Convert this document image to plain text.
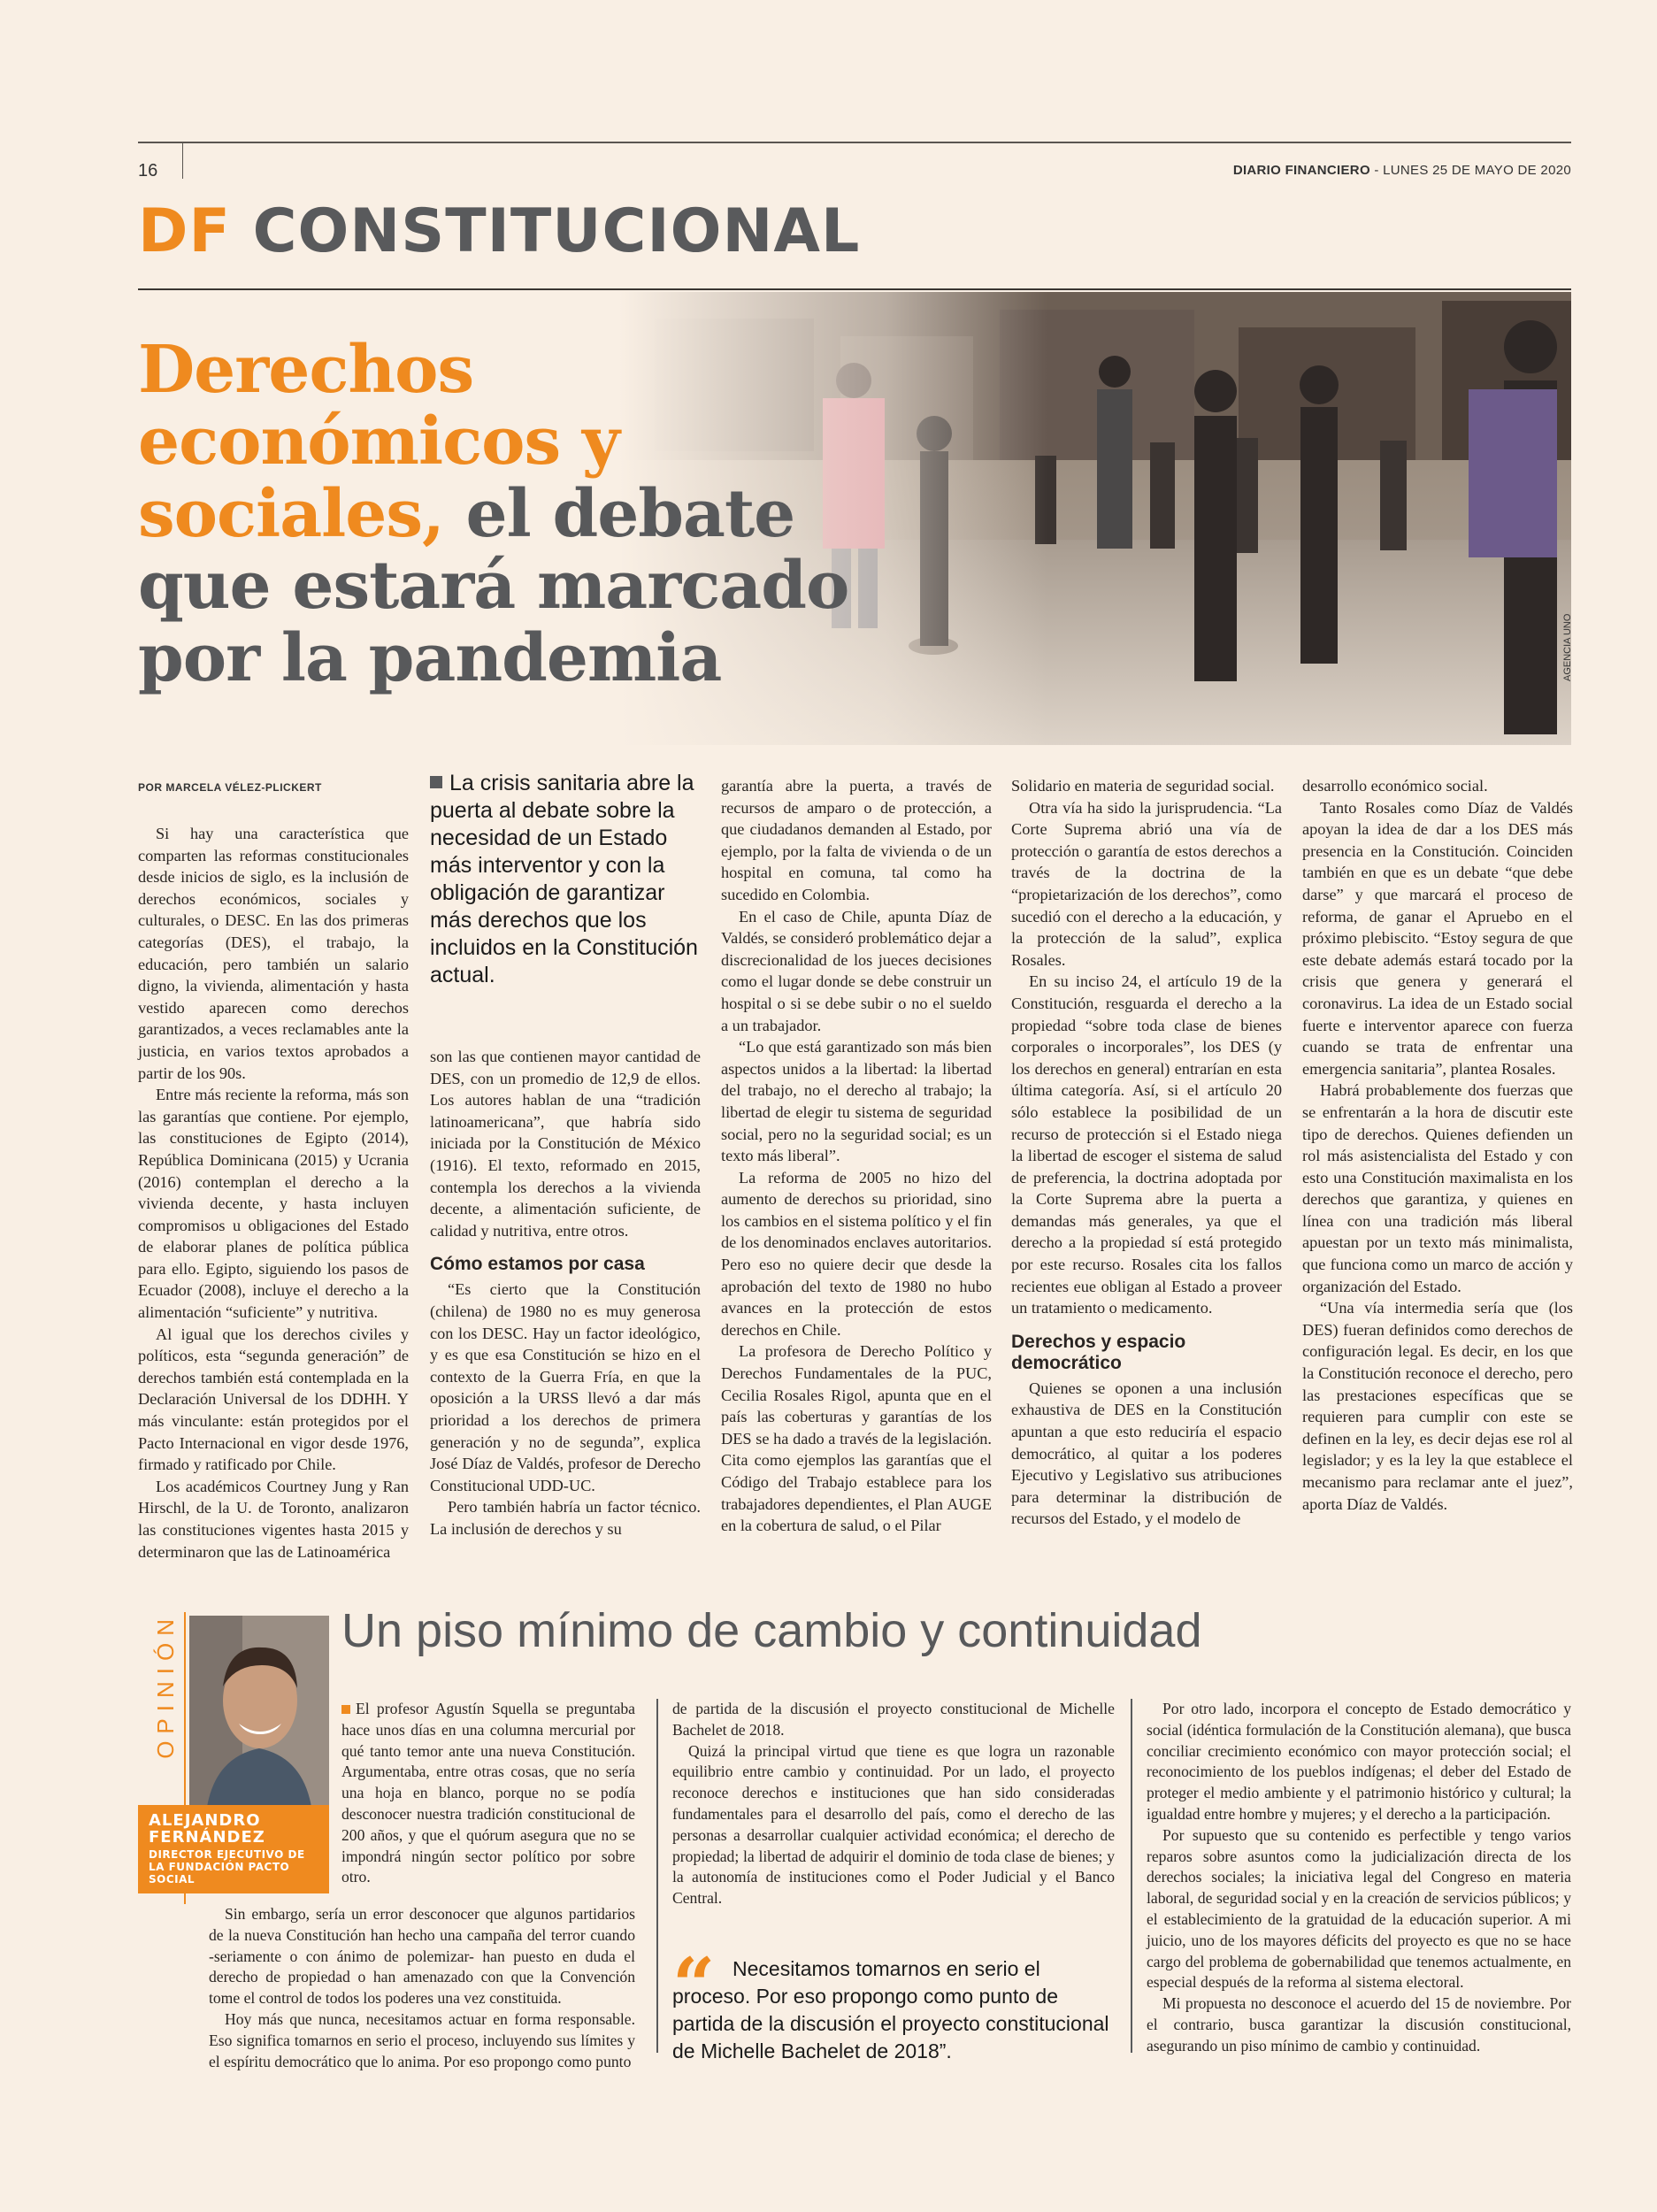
16	DIARIO FINANCIERO - LUNES 25 DE MAYO DE 2020
DF CONSTITUCIONAL
AGENCIA UNO
Derechos económicos y sociales, el debate que estará marcado por la pandemia
POR MARCELA VÉLEZ-PLICKERT

Si hay una característica que comparten las reformas constitucionales desde inicios de siglo, es la inclusión de derechos económicos, sociales y culturales, o DESC. En las dos primeras categorías (DES), el trabajo, la educación, pero también un salario digno, la vivienda, alimentación y hasta vestido aparecen como derechos garantizados, a veces reclamables ante la justicia, en varios textos aprobados a partir de los 90s.

Entre más reciente la reforma, más son las garantías que contiene. Por ejemplo, las constituciones de Egipto (2014), República Dominicana (2015) y Ucrania (2016) contemplan el derecho a la vivienda decente, y hasta incluyen compromisos u obligaciones del Estado de elaborar planes de política pública para ello. Egipto, siguiendo los pasos de Ecuador (2008), incluye el derecho a la alimentación “suficiente” y nutritiva.

Al igual que los derechos civiles y políticos, esta “segunda generación” de derechos también está contemplada en la Declaración Universal de los DDHH. Y más vinculante: están protegidos por el Pacto Internacional en vigor desde 1976, firmado y ratificado por Chile.

Los académicos Courtney Jung y Ran Hirschl, de la U. de Toronto, analizaron las constituciones vigentes hasta 2015 y determinaron que las de Latinoamérica

La crisis sanitaria abre la puerta al debate sobre la necesidad de un Estado más interventor y con la obligación de garantizar más derechos que los incluidos en la Constitución actual.

son las que contienen mayor cantidad de DES, con un promedio de 12,9 de ellos. Los autores hablan de una “tradición latinoamericana”, que habría sido iniciada por la Constitución de México (1916). El texto, reformado en 2015, contempla los derechos a la vivienda decente, a alimentación suficiente, de calidad y nutritiva, entre otros.

Cómo estamos por casa

“Es cierto que la Constitución (chilena) de 1980 no es muy generosa con los DESC. Hay un factor ideológico, y es que esa Constitución se hizo en el contexto de la Guerra Fría, en que la oposición a la URSS llevó a dar más prioridad a los derechos de primera generación y no de segunda”, explica José Díaz de Valdés, profesor de Derecho Constitucional UDD-UC.

Pero también habría un factor técnico. La inclusión de derechos y su

garantía abre la puerta, a través de recursos de amparo o de protección, a que ciudadanos demanden al Estado, por ejemplo, por la falta de vivienda o de un hospital en comuna, tal como ha sucedido en Colombia.

En el caso de Chile, apunta Díaz de Valdés, se consideró problemático dejar a discrecionalidad de los jueces decisiones como el lugar donde se debe construir un hospital o si se debe subir o no el sueldo a un trabajador.

“Lo que está garantizado son más bien aspectos unidos a la libertad: la libertad del trabajo, no el derecho al trabajo; la libertad de elegir tu sistema de seguridad social, pero no la seguridad social; es un texto más liberal”.

La reforma de 2005 no hizo del aumento de derechos su prioridad, sino los cambios en el sistema político y el fin de los denominados enclaves autoritarios. Pero eso no quiere decir que desde la aprobación del texto de 1980 no hubo avances en la protección de estos derechos en Chile.

La profesora de Derecho Político y Derechos Fundamentales de la PUC, Cecilia Rosales Rigol, apunta que en el país las coberturas y garantías de los DES se ha dado a través de la legislación. Cita como ejemplos las garantías que el Código del Trabajo establece para los trabajadores dependientes, el Plan AUGE en la cobertura de salud, o el Pilar

Solidario en materia de seguridad social.

Otra vía ha sido la jurisprudencia. “La Corte Suprema abrió una vía de protección o garantía de estos derechos a través de la doctrina de la “propietarización de los derechos”, como sucedió con el derecho a la educación, y la protección de la salud”, explica Rosales.

En su inciso 24, el artículo 19 de la Constitución, resguarda el derecho a la propiedad “sobre toda clase de bienes corporales o incorporales”, los DES (y los derechos en general) entrarían en esta última categoría. Así, si el artículo 20 sólo establece la posibilidad de un recurso de protección si el Estado niega la libertad de escoger el sistema de salud de preferencia, la doctrina adoptada por la Corte Suprema abre la puerta a demandas más generales, ya que el derecho a la propiedad sí está protegido por este recurso. Rosales cita los fallos recientes eue obligan al Estado a proveer un tratamiento o medicamento.

Derechos y espacio democrático

Quienes se oponen a una inclusión exhaustiva de DES en la Constitución apuntan a que esto reduciría el espacio democrático, al quitar a los poderes Ejecutivo y Legislativo sus atribuciones para determinar la distribución de recursos del Estado, y el modelo de

desarrollo económico social.

Tanto Rosales como Díaz de Valdés apoyan la idea de dar a los DES más presencia en la Constitución. Coinciden también en que es un debate “que debe darse” y que marcará el proceso de reforma, de ganar el Apruebo en el próximo plebiscito. “Estoy segura de que este debate además estará tocado por la crisis que genera y generará el coronavirus. La idea de un Estado social fuerte e interventor aparece con fuerza cuando se trata de enfrentar una emergencia sanitaria”, plantea Rosales.

Habrá probablemente dos fuerzas que se enfrentarán a la hora de discutir este tipo de derechos. Quienes defienden un rol más asistencialista del Estado y con esto una Constitución maximalista en los derechos que garantiza, y quienes en línea con una tradición más liberal apuestan por un texto más minimalista, que funciona como un marco de acción y organización del Estado.

“Una vía intermedia sería que (los DES) fueran definidos como derechos de configuración legal. Es decir, en los que la Constitución reconoce el derecho, pero las prestaciones específicas que se requieren para cumplir con este se definen en la ley, es decir dejas ese rol al legislador; y es la ley la que establece el mecanismo para reclamar ante el juez”, aporta Díaz de Valdés.

OPINIÓN
ALEJANDRO FERNÁNDEZ
DIRECTOR EJECUTIVO DE LA FUNDACIÓN PACTO SOCIAL
Un piso mínimo de cambio y continuidad

El profesor Agustín Squella se preguntaba hace unos días en una columna mercurial por qué tanto temor ante una nueva Constitución. Argumentaba, entre otras cosas, que no sería una hoja en blanco, porque no se podía desconocer nuestra tradición constitucional de 200 años, y que el quórum asegura que no se impondrá ningún sector político por sobre otro.

Sin embargo, sería un error desconocer que algunos partidarios de la nueva Constitución han hecho una campaña del terror cuando -seriamente o con ánimo de polemizar- han puesto en duda el derecho de propiedad o han amenazado con que la Convención tome el control de todos los poderes una vez constituida.

Hoy más que nunca, necesitamos actuar en forma responsable. Eso significa tomarnos en serio el proceso, incluyendo sus límites y el espíritu democrático que lo anima. Por eso propongo como punto

de partida de la discusión el proyecto constitucional de Michelle Bachelet de 2018.

Quizá la principal virtud que tiene es que logra un razonable equilibrio entre cambio y continuidad. Por un lado, el proyecto reconoce derechos e instituciones que han sido consideradas fundamentales para el desarrollo del país, como el derecho de las personas a desarrollar cualquier actividad económica; el derecho de propiedad; la libertad de adquirir el dominio de toda clase de bienes; y la autonomía de instituciones como el Poder Judicial y el Banco Central.

“ Necesitamos tomarnos en serio el proceso. Por eso propongo como punto de partida de la discusión el proyecto constitucional de Michelle Bachelet de 2018”.

Por otro lado, incorpora el concepto de Estado democrático y social (idéntica formulación de la Constitución alemana), que busca conciliar crecimiento económico con mayor protección social; el reconocimiento de los pueblos indígenas; el deber del Estado de proteger el medio ambiente y el patrimonio histórico y cultural; la igualdad entre hombre y mujeres; y el derecho a la participación.

Por supuesto que su contenido es perfectible y tengo varios reparos sobre asuntos como la judicialización directa de los derechos sociales; la iniciativa legal del Congreso en materia laboral, de seguridad social y en la creación de servicios públicos; y el establecimiento de la gratuidad de la educación superior. A mi juicio, uno de los mayores déficits del proyecto es que no se hace cargo del problema de gobernabilidad que tenemos actualmente, en especial después de la reforma al sistema electoral.

Mi propuesta no desconoce el acuerdo del 15 de noviembre. Por el contrario, busca garantizar la discusión constitucional, asegurando un piso mínimo de cambio y continuidad.
